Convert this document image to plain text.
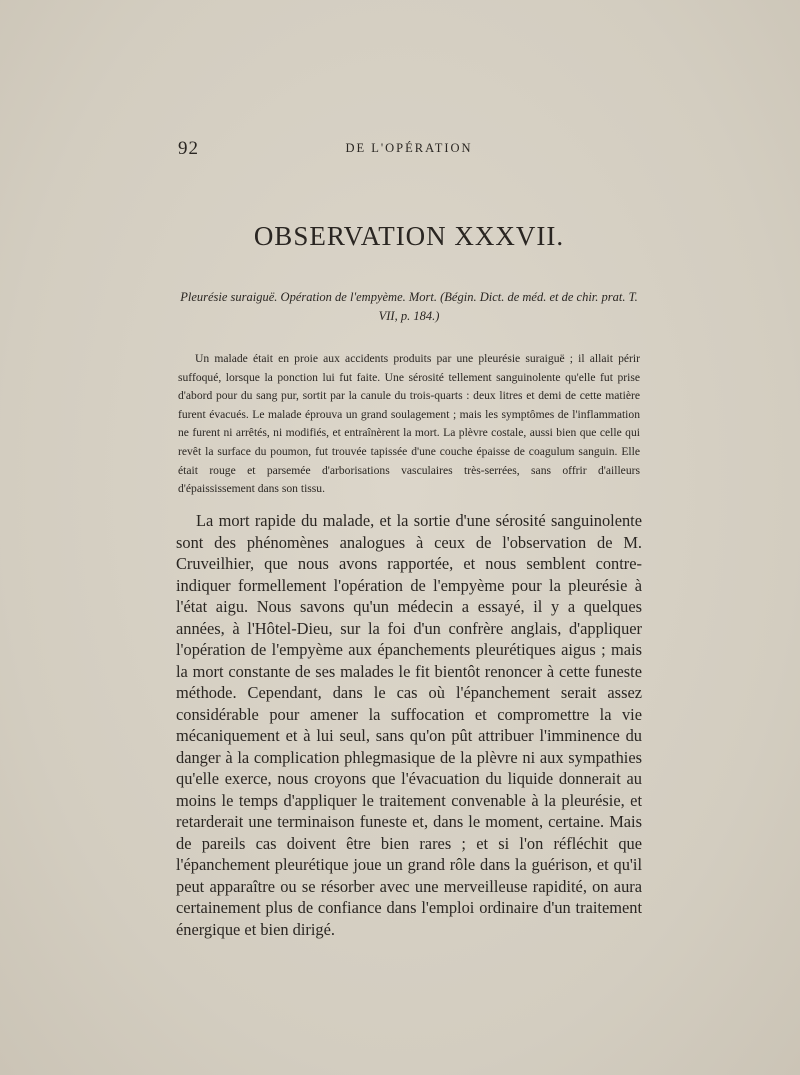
92	DE L'OPÉRATION
OBSERVATION XXXVII.
Pleurésie suraiguë. Opération de l'empyème. Mort. (Bégin. Dict. de méd. et de chir. prat. T. VII, p. 184.)

Un malade était en proie aux accidents produits par une pleurésie suraiguë ; il allait périr suffoqué, lorsque la ponction lui fut faite. Une sérosité tellement sanguinolente qu'elle fut prise d'abord pour du sang pur, sortit par la canule du trois-quarts : deux litres et demi de cette matière furent évacués. Le malade éprouva un grand soulagement ; mais les symptômes de l'inflammation ne furent ni arrêtés, ni modifiés, et entraînèrent la mort. La plèvre costale, aussi bien que celle qui revêt la surface du poumon, fut trouvée tapissée d'une couche épaisse de coagulum sanguin. Elle était rouge et parsemée d'arborisations vasculaires très-serrées, sans offrir d'ailleurs d'épaississement dans son tissu.

La mort rapide du malade, et la sortie d'une sérosité sanguinolente sont des phénomènes analogues à ceux de l'observation de M. Cruveilhier, que nous avons rapportée, et nous semblent contre-indiquer formellement l'opération de l'empyème pour la pleurésie à l'état aigu. Nous savons qu'un médecin a essayé, il y a quelques années, à l'Hôtel-Dieu, sur la foi d'un confrère anglais, d'appliquer l'opération de l'empyème aux épanchements pleurétiques aigus ; mais la mort constante de ses malades le fit bientôt renoncer à cette funeste méthode. Cependant, dans le cas où l'épanchement serait assez considérable pour amener la suffocation et compromettre la vie mécaniquement et à lui seul, sans qu'on pût attribuer l'imminence du danger à la complication phlegmasique de la plèvre ni aux sympathies qu'elle exerce, nous croyons que l'évacuation du liquide donnerait au moins le temps d'appliquer le traitement convenable à la pleurésie, et retarderait une terminaison funeste et, dans le moment, certaine. Mais de pareils cas doivent être bien rares ; et si l'on réfléchit que l'épanchement pleurétique joue un grand rôle dans la guérison, et qu'il peut apparaître ou se résorber avec une merveilleuse rapidité, on aura certainement plus de confiance dans l'emploi ordinaire d'un traitement énergique et bien dirigé.
